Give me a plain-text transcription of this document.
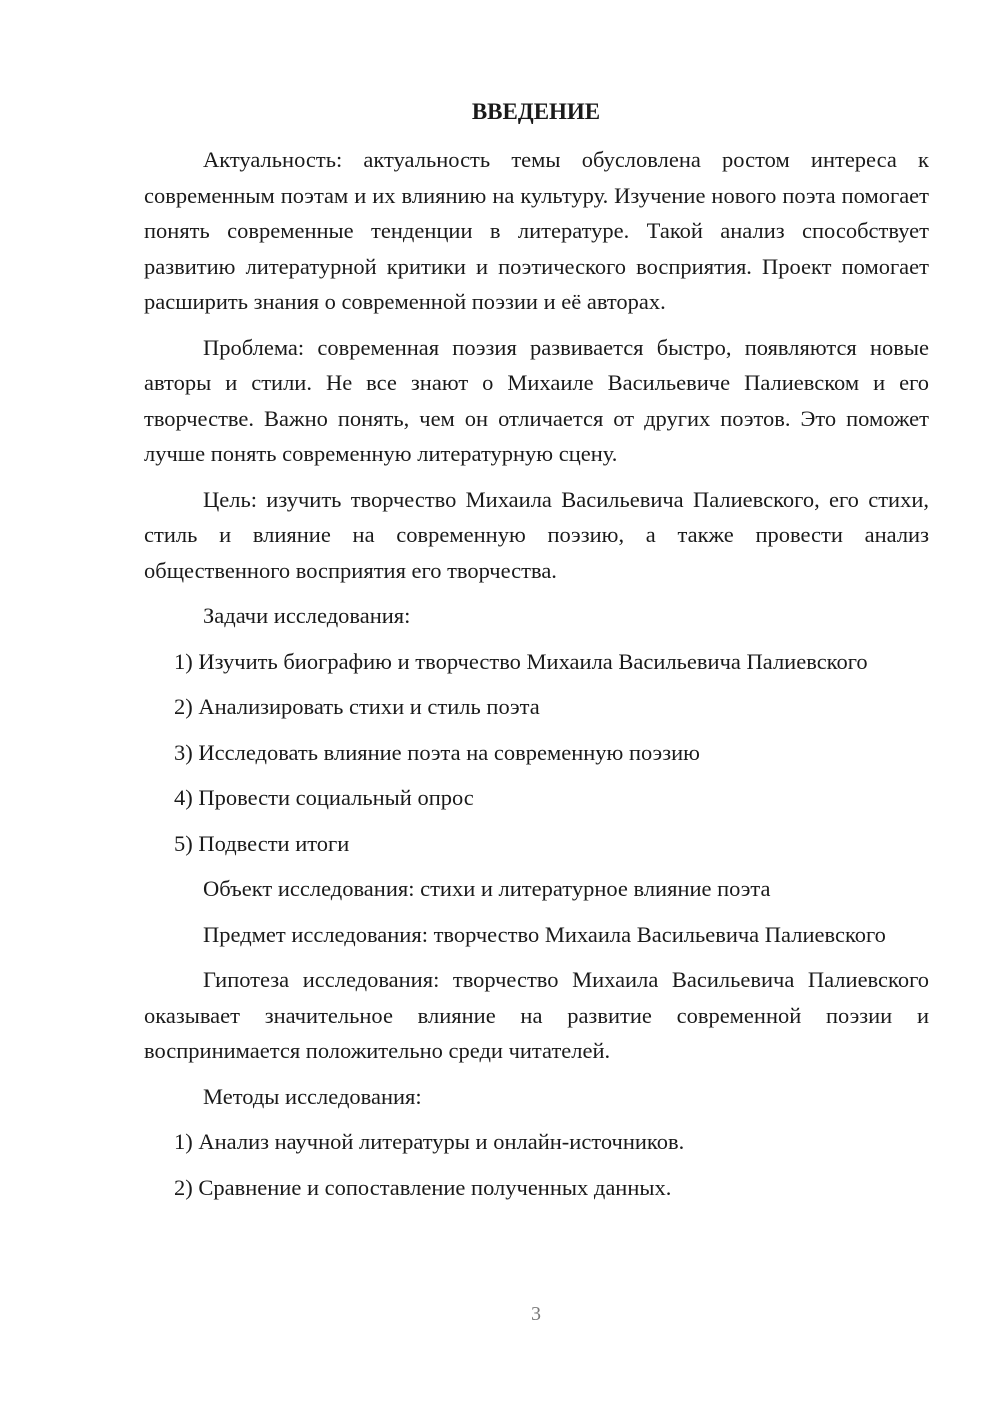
ВВЕДЕНИЕ

Актуальность: актуальность темы обусловлена ростом интереса к современным поэтам и их влиянию на культуру. Изучение нового поэта помогает понять современные тенденции в литературе. Такой анализ способствует развитию литературной критики и поэтического восприятия. Проект помогает расширить знания о современной поэзии и её авторах.

Проблема: современная поэзия развивается быстро, появляются новые авторы и стили. Не все знают о Михаиле Васильевиче Палиевском и его творчестве. Важно понять, чем он отличается от других поэтов. Это поможет лучше понять современную литературную сцену.

Цель: изучить творчество Михаила Васильевича Палиевского, его стихи, стиль и влияние на современную поэзию, а также провести анализ общественного восприятия его творчества.

Задачи исследования:

1) Изучить биографию и творчество Михаила Васильевича Палиевского

2) Анализировать стихи и стиль поэта

3) Исследовать влияние поэта на современную поэзию

4) Провести социальный опрос

5) Подвести итоги

Объект исследования: стихи и литературное влияние поэта

Предмет исследования: творчество Михаила Васильевича Палиевского

Гипотеза исследования: творчество Михаила Васильевича Палиевского оказывает значительное влияние на развитие современной поэзии и воспринимается положительно среди читателей.

Методы исследования:

1) Анализ научной литературы и онлайн-источников.

2) Сравнение и сопоставление полученных данных.

3
